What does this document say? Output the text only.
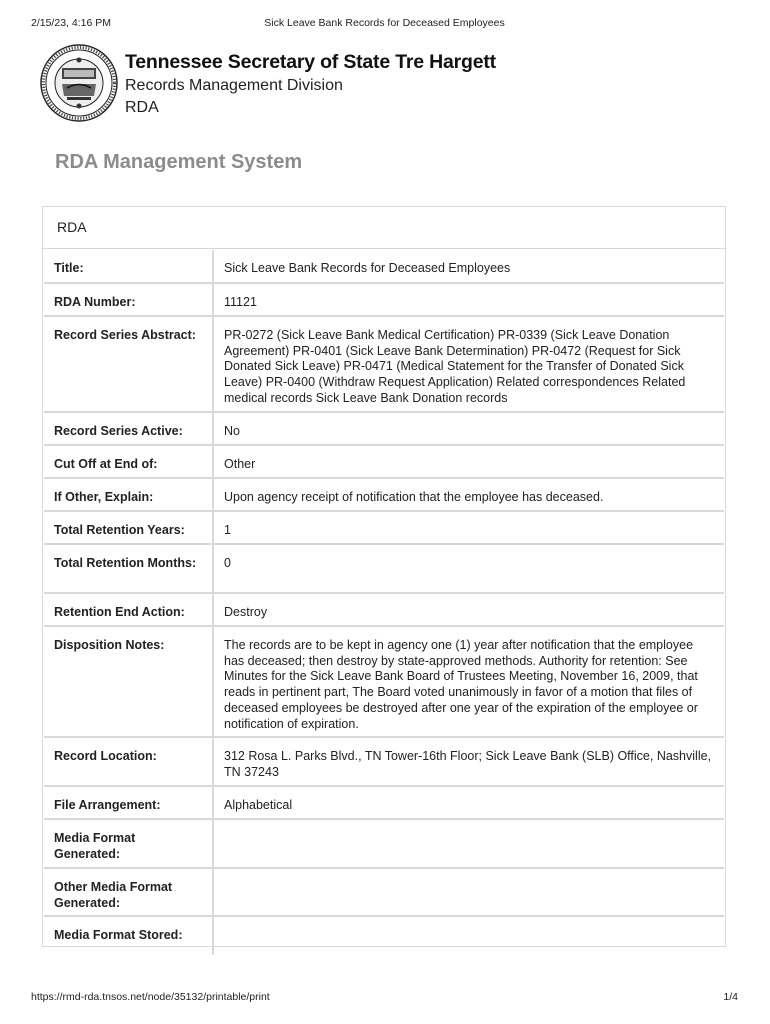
2/15/23, 4:16 PM	Sick Leave Bank Records for Deceased Employees
Tennessee Secretary of State Tre Hargett
Records Management Division
RDA
RDA Management System
RDA
Title:	Sick Leave Bank Records for Deceased Employees
RDA Number:	11121
Record Series Abstract:	PR-0272 (Sick Leave Bank Medical Certification) PR-0339 (Sick Leave Donation Agreement) PR-0401 (Sick Leave Bank Determination) PR-0472 (Request for Sick Donated Sick Leave) PR-0471 (Medical Statement for the Transfer of Donated Sick Leave) PR-0400 (Withdraw Request Application) Related correspondences Related medical records Sick Leave Bank Donation records
Record Series Active:	No
Cut Off at End of:	Other
If Other, Explain:	Upon agency receipt of notification that the employee has deceased.
Total Retention Years:	1
Total Retention Months:	0
Retention End Action:	Destroy
Disposition Notes:	The records are to be kept in agency one (1) year after notification that the employee has deceased; then destroy by state-approved methods. Authority for retention: See Minutes for the Sick Leave Bank Board of Trustees Meeting, November 16, 2009, that reads in pertinent part, The Board voted unanimously in favor of a motion that files of deceased employees be destroyed after one year of the expiration of the employee or notification of expiration.
Record Location:	312 Rosa L. Parks Blvd., TN Tower-16th Floor; Sick Leave Bank (SLB) Office, Nashville, TN 37243
File Arrangement:	Alphabetical
Media Format Generated:
Other Media Format Generated:
Media Format Stored:
https://rmd-rda.tnsos.net/node/35132/printable/print	1/4
